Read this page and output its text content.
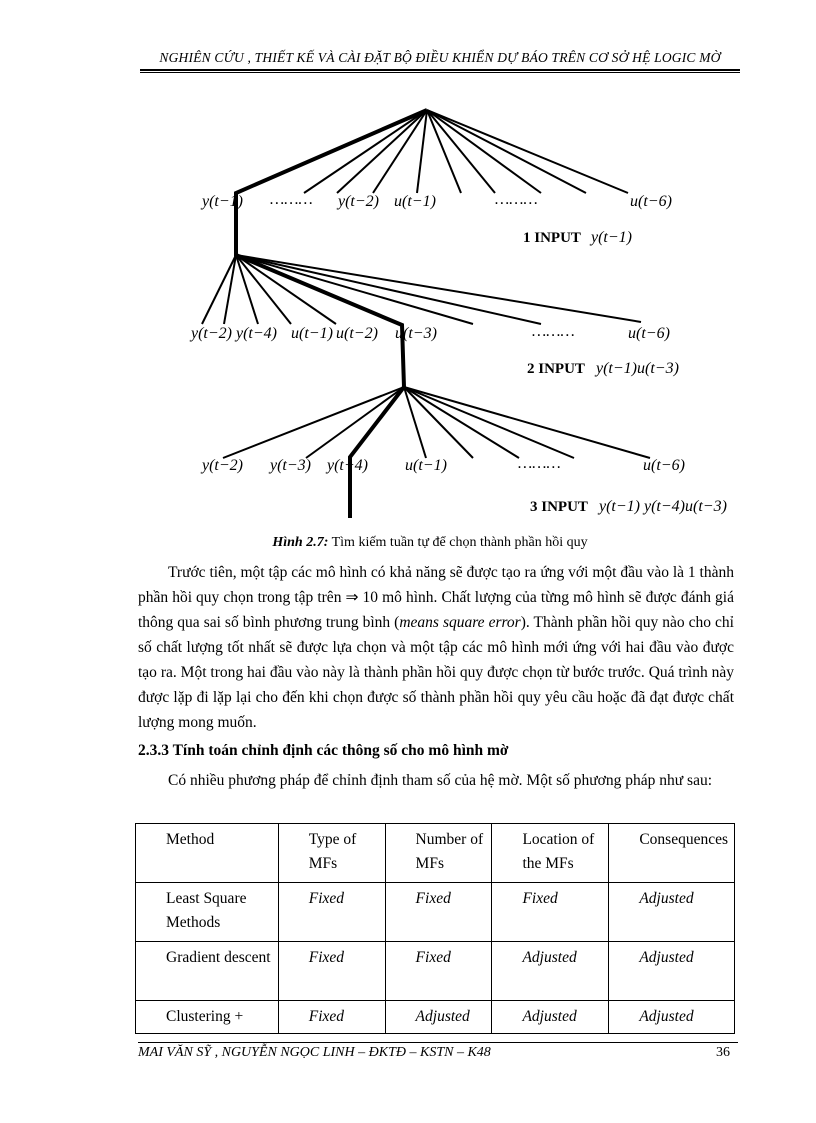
NGHIÊN CỨU , THIẾT KẾ VÀ CÀI ĐẶT BỘ ĐIỀU KHIỂN DỰ BÁO TRÊN CƠ SỞ HỆ LOGIC MỜ
y(t−1) ……… y(t−2) u(t−1)	………	u(t−6)
y(t−2) y(t−4) u(t−1) u(t−2) u(t−3)	………	u(t−6)
y(t−2) y(t−3) y(t−4) u(t−1)	………	u(t−6)
y(t−1)
y(t−1)u(t−3)
y(t−1) y(t−4)u(t−3)
1 INPUT
2 INPUT
3 INPUT
Hình 2.7: Tìm kiếm tuần tự để chọn thành phần hồi quy
Trước tiên, một tập các mô hình có khả năng sẽ được tạo ra ứng với một đầu vào là 1 thành phần hồi quy chọn trong tập trên ⇒ 10 mô hình. Chất lượng của từng mô hình sẽ được đánh giá thông qua sai số bình phương trung bình (means square error). Thành phần hồi quy nào cho chỉ số chất lượng tốt nhất sẽ được lựa chọn và một tập các mô hình mới ứng với hai đầu vào được tạo ra. Một trong hai đầu vào này là thành phần hồi quy được chọn từ bước trước. Quá trình này được lặp đi lặp lại cho đến khi chọn được số thành phần hồi quy yêu cầu hoặc đã đạt được chất lượng mong muốn.
2.3.3 Tính toán chỉnh định các thông số cho mô hình mờ
Có nhiều phương pháp để chỉnh định tham số của hệ mờ. Một số phương pháp như sau:
Method	Type of MFs	Number of MFs	Location of the MFs	Consequences
Least Square Methods	Fixed	Fixed	Fixed	Adjusted
Gradient descent	Fixed	Fixed	Adjusted	Adjusted
Clustering +	Fixed	Adjusted	Adjusted	Adjusted
MAI VĂN SỸ , NGUYỄN NGỌC LINH – ĐKTĐ – KSTN – K48	36
